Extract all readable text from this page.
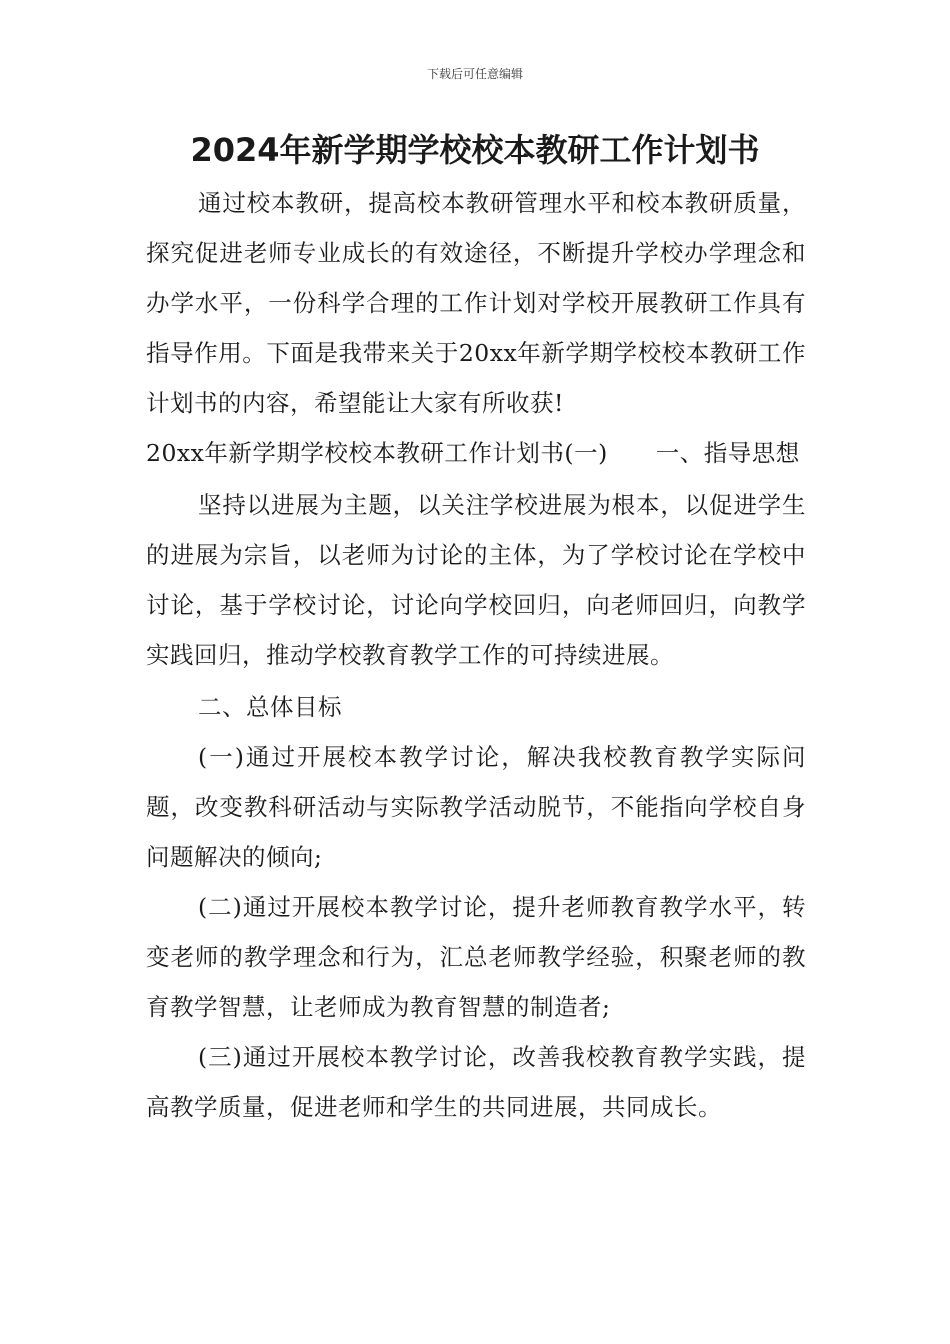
下载后可任意编辑
2024年新学期学校校本教研工作计划书

通过校本教研，提高校本教研管理水平和校本教研质量，探究促进老师专业成长的有效途径，不断提升学校办学理念和办学水平，一份科学合理的工作计划对学校开展教研工作具有指导作用。下面是我带来关于20xx年新学期学校校本教研工作计划书的内容，希望能让大家有所收获!

20xx年新学期学校校本教研工作计划书(一)　　一、指导思想

坚持以进展为主题，以关注学校进展为根本，以促进学生的进展为宗旨，以老师为讨论的主体，为了学校讨论在学校中讨论，基于学校讨论，讨论向学校回归，向老师回归，向教学实践回归，推动学校教育教学工作的可持续进展。

二、总体目标

(一)通过开展校本教学讨论，解决我校教育教学实际问题，改变教科研活动与实际教学活动脱节，不能指向学校自身问题解决的倾向;

(二)通过开展校本教学讨论，提升老师教育教学水平，转变老师的教学理念和行为，汇总老师教学经验，积聚老师的教育教学智慧，让老师成为教育智慧的制造者;

(三)通过开展校本教学讨论，改善我校教育教学实践，提高教学质量，促进老师和学生的共同进展，共同成长。
